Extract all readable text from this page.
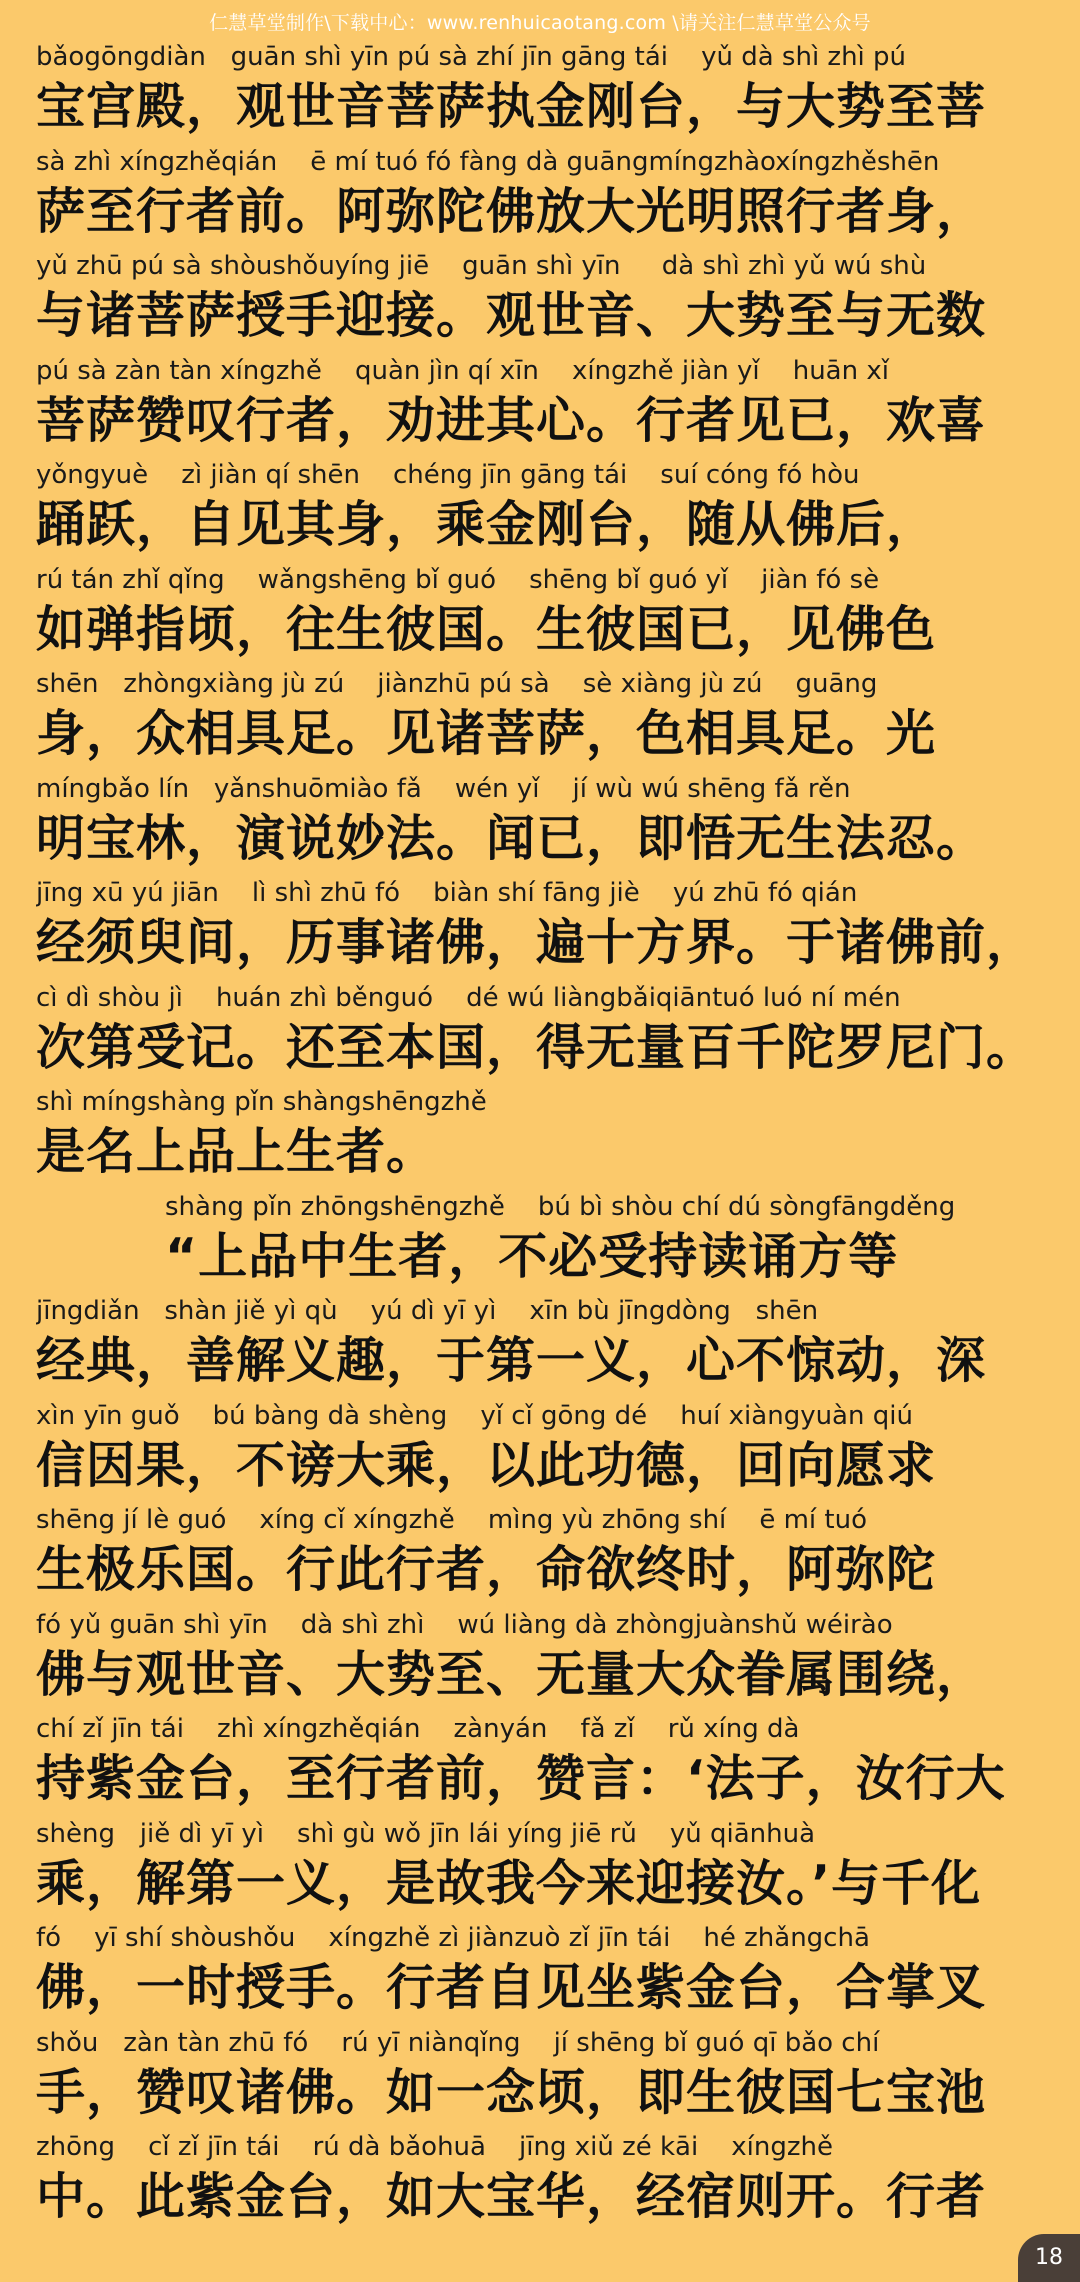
仁慧草堂制作\下载中心：www.renhuicaotang.com \请关注仁慧草堂公众号
bǎogōngdiàn   guān shì yīn pú sà zhí jīn gāng tái    yǔ dà shì zhì pú
宝宫殿，观世音菩萨执金刚台，与大势至菩
sà zhì xíngzhěqián    ē mí tuó fó fàng dà guāngmíngzhàoxíngzhěshēn
萨至行者前。阿弥陀佛放大光明照行者身，
yǔ zhū pú sà shòushǒuyíng jiē    guān shì yīn     dà shì zhì yǔ wú shù
与诸菩萨授手迎接。观世音、大势至与无数
pú sà zàn tàn xíngzhě    quàn jìn qí xīn    xíngzhě jiàn yǐ    huān xǐ
菩萨赞叹行者，劝进其心。行者见已，欢喜
yǒngyuè    zì jiàn qí shēn    chéng jīn gāng tái    suí cóng fó hòu
踊跃，自见其身，乘金刚台，随从佛后，
rú tán zhǐ qǐng    wǎngshēng bǐ guó    shēng bǐ guó yǐ    jiàn fó sè
如弹指顷，往生彼国。生彼国已，见佛色
shēn   zhòngxiàng jù zú    jiànzhū pú sà    sè xiàng jù zú    guāng
身，众相具足。见诸菩萨，色相具足。光
míngbǎo lín   yǎnshuōmiào fǎ    wén yǐ    jí wù wú shēng fǎ rěn
明宝林，演说妙法。闻已，即悟无生法忍。
jīng xū yú jiān    lì shì zhū fó    biàn shí fāng jiè    yú zhū fó qián
经须臾间，历事诸佛，遍十方界。于诸佛前，
cì dì shòu jì    huán zhì běnguó    dé wú liàngbǎiqiāntuó luó ní mén
次第受记。还至本国，得无量百千陀罗尼门。
shì míngshàng pǐn shàngshēngzhě
是名上品上生者。
shàng pǐn zhōngshēngzhě    bú bì shòu chí dú sòngfāngděng
“上品中生者，不必受持读诵方等
jīngdiǎn   shàn jiě yì qù    yú dì yī yì    xīn bù jīngdòng   shēn
经典，善解义趣，于第一义，心不惊动，深
xìn yīn guǒ    bú bàng dà shèng    yǐ cǐ gōng dé    huí xiàngyuàn qiú
信因果，不谤大乘，以此功德，回向愿求
shēng jí lè guó    xíng cǐ xíngzhě    mìng yù zhōng shí    ē mí tuó
生极乐国。行此行者，命欲终时，阿弥陀
fó yǔ guān shì yīn    dà shì zhì    wú liàng dà zhòngjuànshǔ wéirào
佛与观世音、大势至、无量大众眷属围绕，
chí zǐ jīn tái    zhì xíngzhěqián    zànyán    fǎ zǐ    rǔ xíng dà
持紫金台，至行者前，赞言：‘法子，汝行大
shèng   jiě dì yī yì    shì gù wǒ jīn lái yíng jiē rǔ    yǔ qiānhuà
乘，解第一义，是故我今来迎接汝。’与千化
fó    yī shí shòushǒu    xíngzhě zì jiànzuò zǐ jīn tái    hé zhǎngchā
佛，一时授手。行者自见坐紫金台，合掌叉
shǒu   zàn tàn zhū fó    rú yī niànqǐng    jí shēng bǐ guó qī bǎo chí
手，赞叹诸佛。如一念顷，即生彼国七宝池
zhōng    cǐ zǐ jīn tái    rú dà bǎohuā    jīng xiǔ zé kāi    xíngzhě
中。此紫金台，如大宝华，经宿则开。行者
18
